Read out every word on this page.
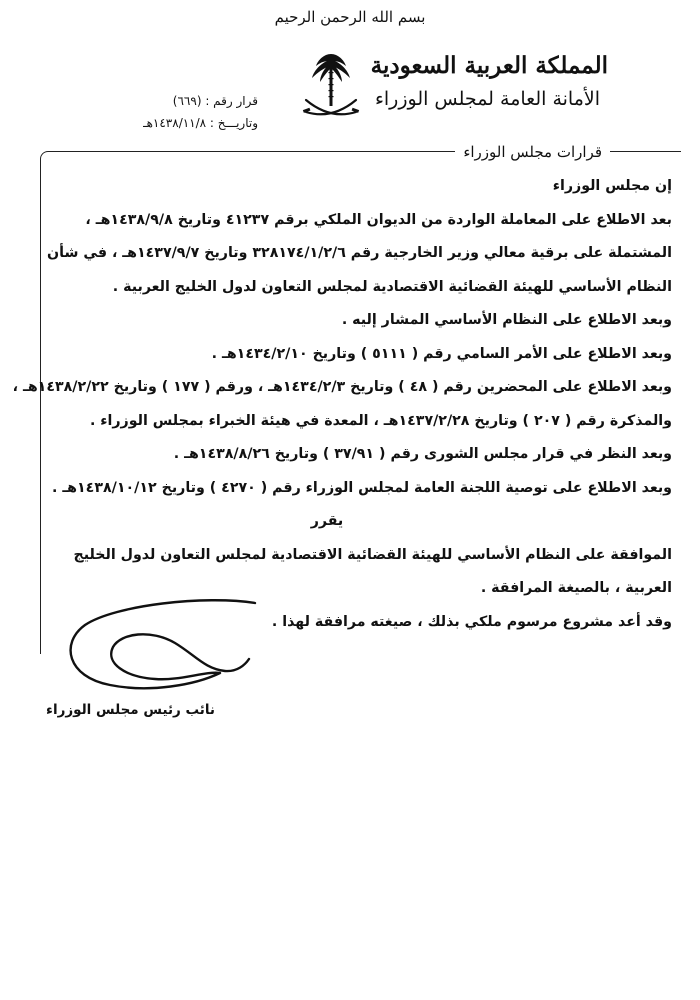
بسم الله الرحمن الرحيم
المملكة العربية السعودية
الأمانة العامة لمجلس الوزراء
قرار رقم : (٦٦٩)
وتاريـــخ : ١٤٣٨/١١/٨هـ
قرارات مجلس الوزراء

إن مجلس الوزراء

بعد الاطلاع على المعاملة الواردة من الديوان الملكي برقم ٤١٢٣٧ وتاريخ ١٤٣٨/٩/٨هـ ،

المشتملة على برقية معالي وزير الخارجية رقم ٣٢٨١٧٤/١/٢/٦ وتاريخ ١٤٣٧/٩/٧هـ ، في شأن

النظام الأساسي للهيئة القضائية الاقتصادية لمجلس التعاون لدول الخليج العربية .

وبعد الاطلاع على النظام الأساسي المشار إليه .

وبعد الاطلاع على الأمر السامي رقم ( ٥١١١ ) وتاريخ ١٤٣٤/٢/١٠هـ .

وبعد الاطلاع على المحضرين رقم ( ٤٨ ) وتاريخ ١٤٣٤/٢/٣هـ ، ورقم ( ١٧٧ ) وتاريخ ١٤٣٨/٢/٢٢هـ ،

والمذكرة رقم ( ٢٠٧ ) وتاريخ ١٤٣٧/٢/٢٨هـ ، المعدة في هيئة الخبراء بمجلس الوزراء .

وبعد النظر في قرار مجلس الشورى رقم ( ٣٧/٩١ ) وتاريخ ١٤٣٨/٨/٢٦هـ .

وبعد الاطلاع على توصية اللجنة العامة لمجلس الوزراء رقم ( ٤٢٧٠ ) وتاريخ ١٤٣٨/١٠/١٢هـ .

يقرر

الموافقة على النظام الأساسي للهيئة القضائية الاقتصادية لمجلس التعاون لدول الخليج

العربية ، بالصيغة المرافقة .

وقد أعد مشروع مرسوم ملكي بذلك ، صيغته مرافقة لهذا .

نائب رئيس مجلس الوزراء
